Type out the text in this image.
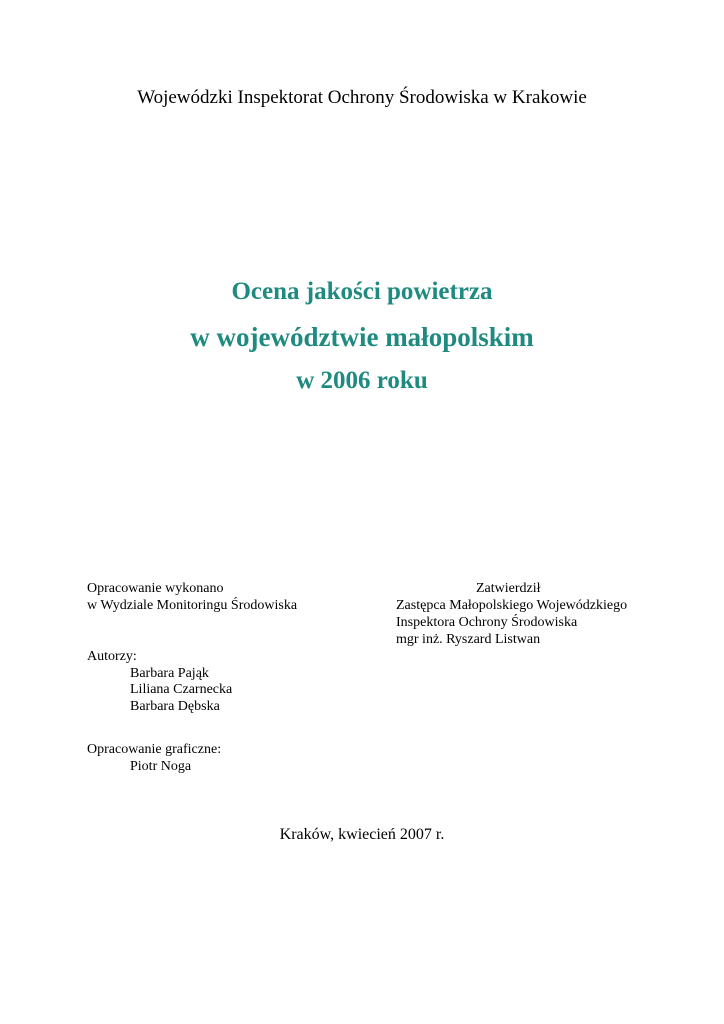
Wojewódzki Inspektorat Ochrony Środowiska w Krakowie
Ocena jakości powietrza
w województwie małopolskim
w 2006 roku
Opracowanie wykonano
w Wydziale Monitoringu Środowiska
Zatwierdził
Zastępca Małopolskiego Wojewódzkiego
Inspektora Ochrony Środowiska
mgr inż. Ryszard Listwan
Autorzy:
Barbara Pająk
Liliana Czarnecka
Barbara Dębska
Opracowanie graficzne:
Piotr Noga
Kraków, kwiecień 2007 r.
